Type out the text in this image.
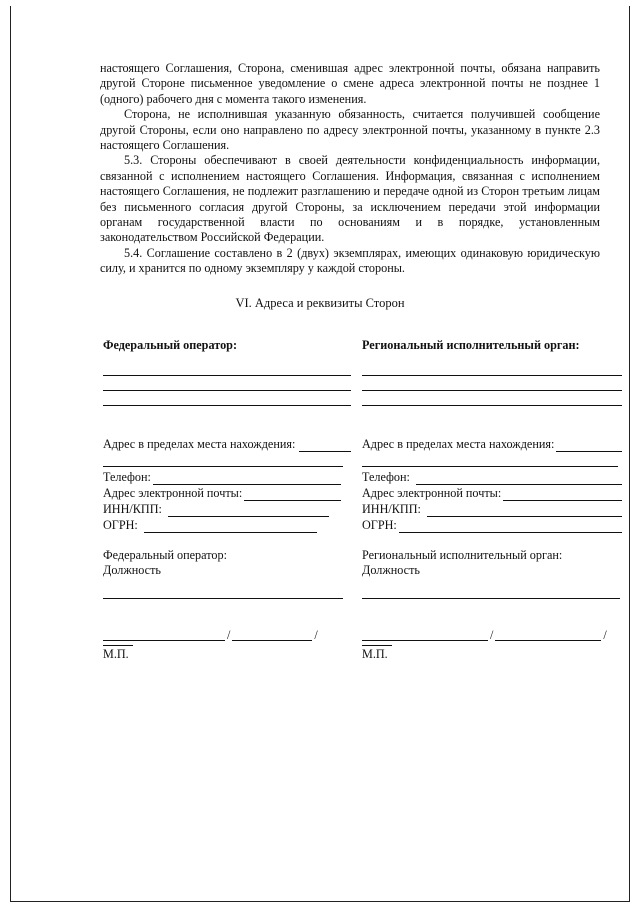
настоящего Соглашения, Сторона, сменившая адрес электронной почты, обязана направить другой Стороне письменное уведомление о смене адреса электронной почты не позднее 1 (одного) рабочего дня с момента такого изменения.

Сторона, не исполнившая указанную обязанность, считается получившей сообщение другой Стороны, если оно направлено по адресу электронной почты, указанному в пункте 2.3 настоящего Соглашения.

5.3. Стороны обеспечивают в своей деятельности конфиденциальность информации, связанной с исполнением настоящего Соглашения. Информация, связанная с исполнением настоящего Соглашения, не подлежит разглашению и передаче одной из Сторон третьим лицам без письменного согласия другой Стороны, за исключением передачи этой информации органам государственной власти по основаниям и в порядке, установленным законодательством Российской Федерации.

5.4. Соглашение составлено в 2 (двух) экземплярах, имеющих одинаковую юридическую силу, и хранится по одному экземпляру у каждой стороны.

VI. Адреса и реквизиты Сторон
Федеральный оператор:
Адрес в пределах места нахождения:
Телефон:
Адрес электронной почты:
ИНН/КПП:
ОГРН:
Федеральный оператор:
Должность
/	/
М.П.
Региональный исполнительный орган:
Адрес в пределах места нахождения:
Телефон:
Адрес электронной почты:
ИНН/КПП:
ОГРН:
Региональный исполнительный орган:
Должность
/	/
М.П.
